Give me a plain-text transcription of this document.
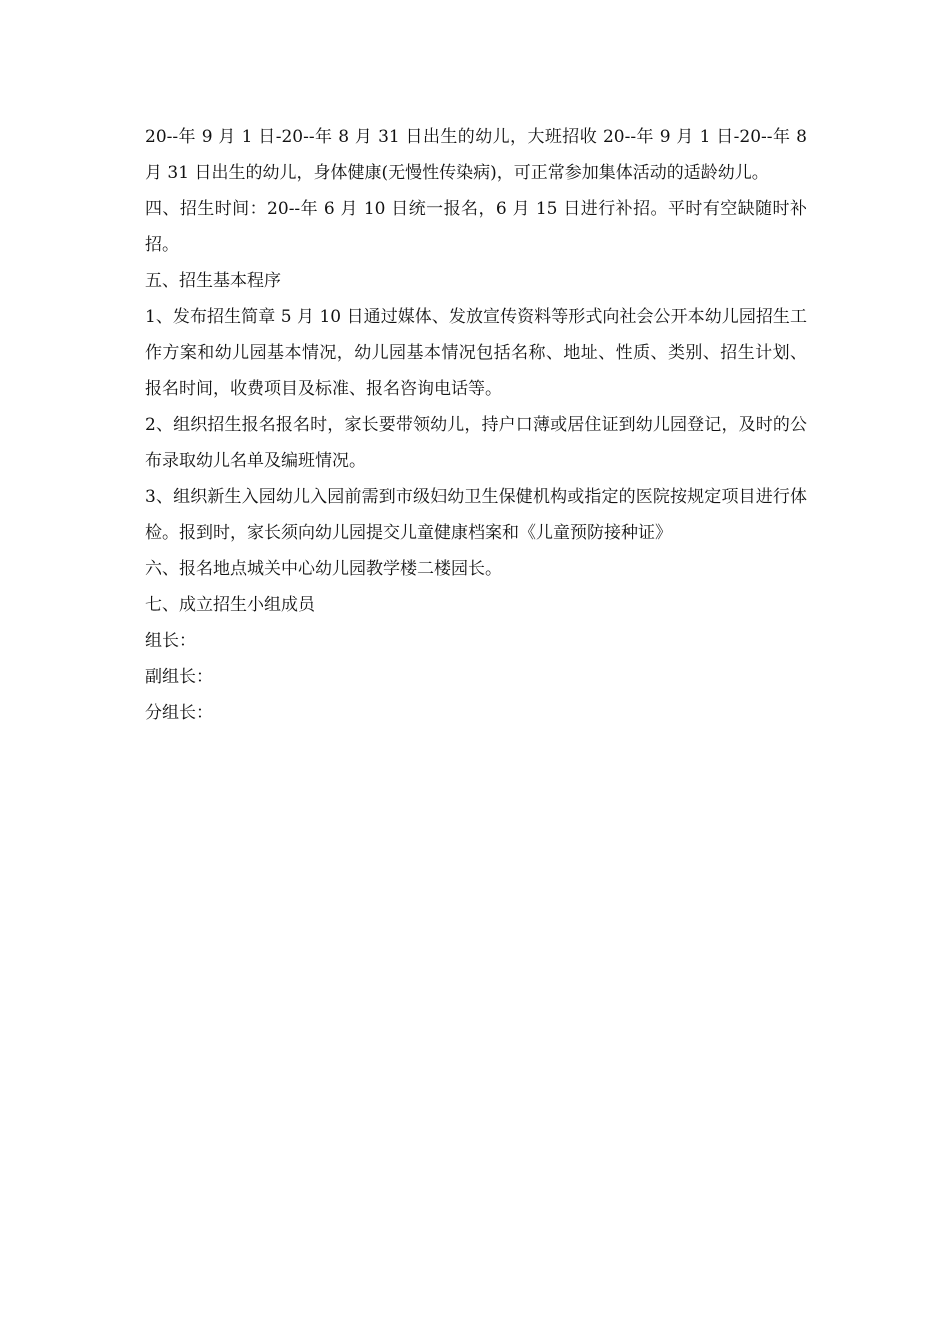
20--年 9 月 1 日-20--年 8 月 31 日出生的幼儿，大班招收 20--年 9 月 1 日-20--年 8 月 31 日出生的幼儿，身体健康(无慢性传染病)，可正常参加集体活动的适龄幼儿。

四、招生时间：20--年 6 月 10 日统一报名，6 月 15 日进行补招。平时有空缺随时补招。

五、招生基本程序

1、发布招生简章 5 月 10 日通过媒体、发放宣传资料等形式向社会公开本幼儿园招生工作方案和幼儿园基本情况，幼儿园基本情况包括名称、地址、性质、类别、招生计划、报名时间，收费项目及标准、报名咨询电话等。

2、组织招生报名报名时，家长要带领幼儿，持户口薄或居住证到幼儿园登记，及时的公布录取幼儿名单及编班情况。

3、组织新生入园幼儿入园前需到市级妇幼卫生保健机构或指定的医院按规定项目进行体检。报到时，家长须向幼儿园提交儿童健康档案和《儿童预防接种证》

六、报名地点城关中心幼儿园教学楼二楼园长。

七、成立招生小组成员

组长：

副组长：

分组长：
